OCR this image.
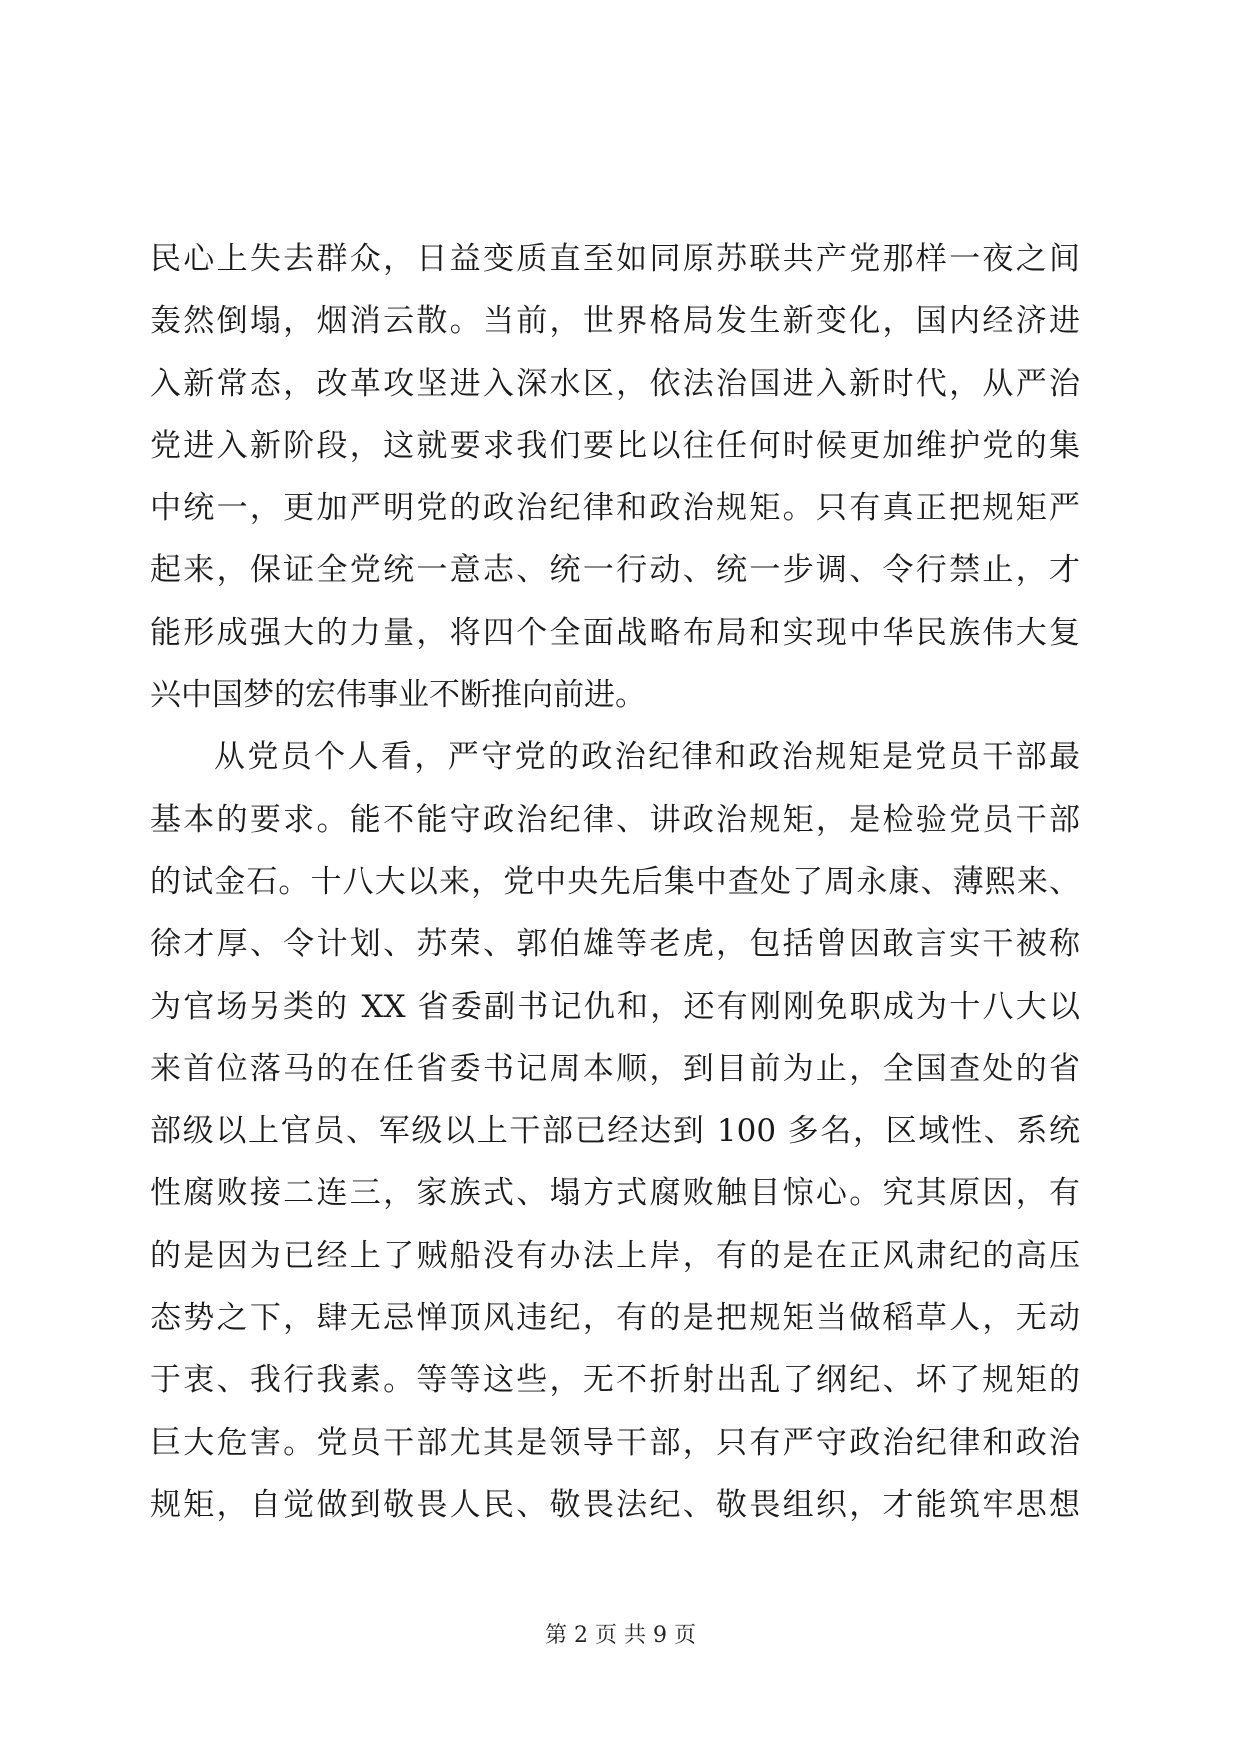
民心上失去群众，日益变质直至如同原苏联共产党那样一夜之间
轰然倒塌，烟消云散。当前，世界格局发生新变化，国内经济进
入新常态，改革攻坚进入深水区，依法治国进入新时代，从严治
党进入新阶段，这就要求我们要比以往任何时候更加维护党的集
中统一，更加严明党的政治纪律和政治规矩。只有真正把规矩严
起来，保证全党统一意志、统一行动、统一步调、令行禁止，才
能形成强大的力量，将四个全面战略布局和实现中华民族伟大复
兴中国梦的宏伟事业不断推向前进。
从党员个人看，严守党的政治纪律和政治规矩是党员干部最
基本的要求。能不能守政治纪律、讲政治规矩，是检验党员干部
的试金石。十八大以来，党中央先后集中查处了周永康、薄熙来、
徐才厚、令计划、苏荣、郭伯雄等老虎，包括曾因敢言实干被称
为官场另类的 XX 省委副书记仇和，还有刚刚免职成为十八大以
来首位落马的在任省委书记周本顺，到目前为止，全国查处的省
部级以上官员、军级以上干部已经达到 100 多名，区域性、系统
性腐败接二连三，家族式、塌方式腐败触目惊心。究其原因，有
的是因为已经上了贼船没有办法上岸，有的是在正风肃纪的高压
态势之下，肆无忌惮顶风违纪，有的是把规矩当做稻草人，无动
于衷、我行我素。等等这些，无不折射出乱了纲纪、坏了规矩的
巨大危害。党员干部尤其是领导干部，只有严守政治纪律和政治
规矩，自觉做到敬畏人民、敬畏法纪、敬畏组织，才能筑牢思想
第 2 页 共 9 页
